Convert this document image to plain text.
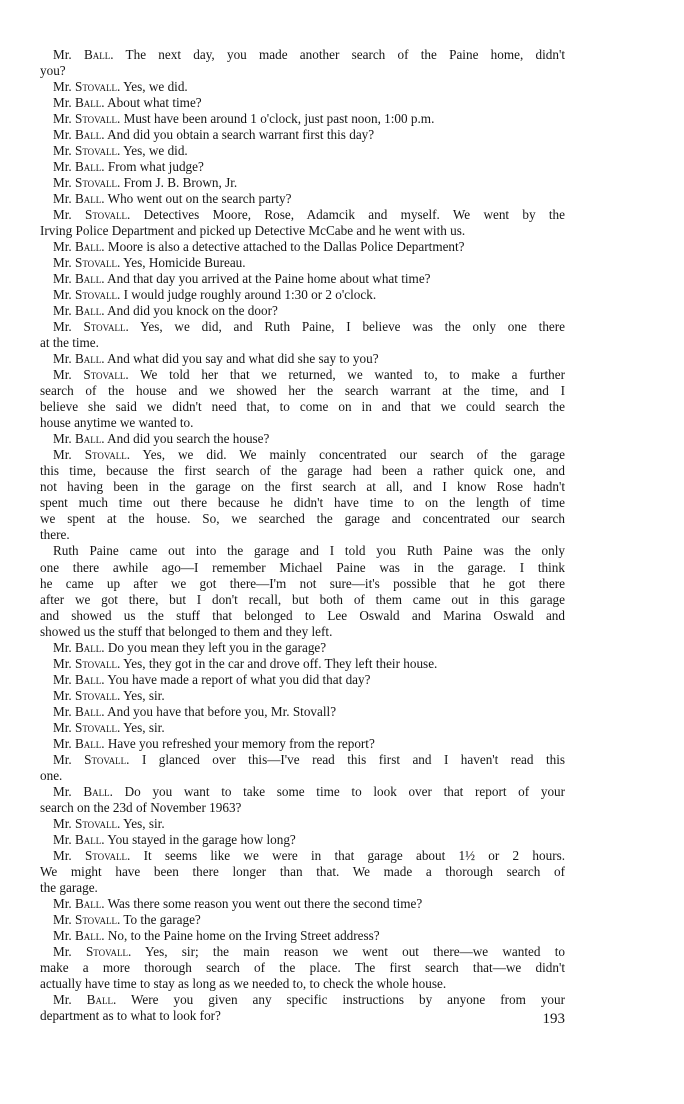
Mr. Ball. The next day, you made another search of the Paine home, didn't
you?
Mr. Stovall. Yes, we did.
Mr. Ball. About what time?
Mr. Stovall. Must have been around 1 o'clock, just past noon, 1:00 p.m.
Mr. Ball. And did you obtain a search warrant first this day?
Mr. Stovall. Yes, we did.
Mr. Ball. From what judge?
Mr. Stovall. From J. B. Brown, Jr.
Mr. Ball. Who went out on the search party?
Mr. Stovall. Detectives Moore, Rose, Adamcik and myself. We went by the
Irving Police Department and picked up Detective McCabe and he went with us.
Mr. Ball. Moore is also a detective attached to the Dallas Police Department?
Mr. Stovall. Yes, Homicide Bureau.
Mr. Ball. And that day you arrived at the Paine home about what time?
Mr. Stovall. I would judge roughly around 1:30 or 2 o'clock.
Mr. Ball. And did you knock on the door?
Mr. Stovall. Yes, we did, and Ruth Paine, I believe was the only one there
at the time.
Mr. Ball. And what did you say and what did she say to you?
Mr. Stovall. We told her that we returned, we wanted to, to make a further
search of the house and we showed her the search warrant at the time, and I
believe she said we didn't need that, to come on in and that we could search the
house anytime we wanted to.
Mr. Ball. And did you search the house?
Mr. Stovall. Yes, we did. We mainly concentrated our search of the garage
this time, because the first search of the garage had been a rather quick one, and
not having been in the garage on the first search at all, and I know Rose hadn't
spent much time out there because he didn't have time to on the length of time
we spent at the house. So, we searched the garage and concentrated our search
there.
Ruth Paine came out into the garage and I told you Ruth Paine was the only
one there awhile ago—I remember Michael Paine was in the garage. I think
he came up after we got there—I'm not sure—it's possible that he got there
after we got there, but I don't recall, but both of them came out in this garage
and showed us the stuff that belonged to Lee Oswald and Marina Oswald and
showed us the stuff that belonged to them and they left.
Mr. Ball. Do you mean they left you in the garage?
Mr. Stovall. Yes, they got in the car and drove off. They left their house.
Mr. Ball. You have made a report of what you did that day?
Mr. Stovall. Yes, sir.
Mr. Ball. And you have that before you, Mr. Stovall?
Mr. Stovall. Yes, sir.
Mr. Ball. Have you refreshed your memory from the report?
Mr. Stovall. I glanced over this—I've read this first and I haven't read this
one.
Mr. Ball. Do you want to take some time to look over that report of your
search on the 23d of November 1963?
Mr. Stovall. Yes, sir.
Mr. Ball. You stayed in the garage how long?
Mr. Stovall. It seems like we were in that garage about 1½ or 2 hours.
We might have been there longer than that. We made a thorough search of
the garage.
Mr. Ball. Was there some reason you went out there the second time?
Mr. Stovall. To the garage?
Mr. Ball. No, to the Paine home on the Irving Street address?
Mr. Stovall. Yes, sir; the main reason we went out there—we wanted to
make a more thorough search of the place. The first search that—we didn't
actually have time to stay as long as we needed to, to check the whole house.
Mr. Ball. Were you given any specific instructions by anyone from your
department as to what to look for?	193
